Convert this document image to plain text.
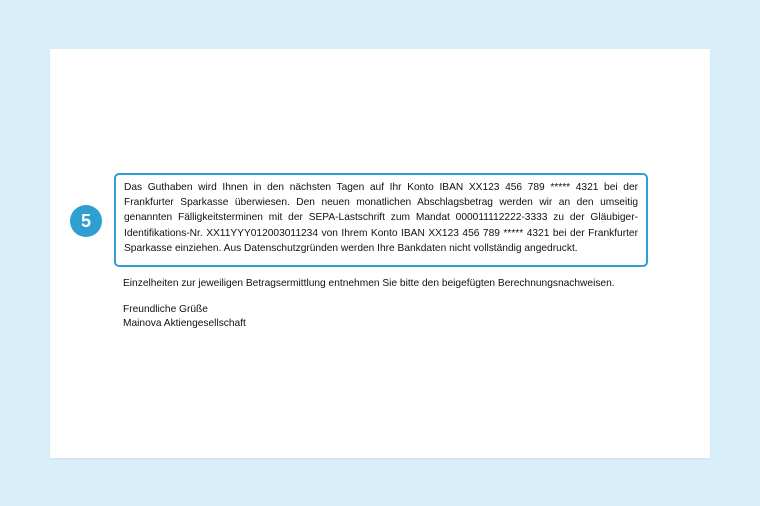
5

Das Guthaben wird Ihnen in den nächsten Tagen auf Ihr Konto IBAN XX123 456 789 ***** 4321 bei der Frankfurter Sparkasse überwiesen. Den neuen monatlichen Abschlagsbetrag werden wir an den umseitig genannten Fälligkeitsterminen mit der SEPA-Lastschrift zum Mandat 000011112222-3333 zu der Gläubiger-Identifikations-Nr. XX11YYY012003011234 von Ihrem Konto IBAN XX123 456 789 ***** 4321 bei der Frankfurter Sparkasse einziehen. Aus Datenschutzgründen werden Ihre Bankdaten nicht vollständig angedruckt.

Einzelheiten zur jeweiligen Betragsermittlung entnehmen Sie bitte den beigefügten Berechnungsnachweisen.

Freundliche Grüße

Mainova Aktiengesellschaft
